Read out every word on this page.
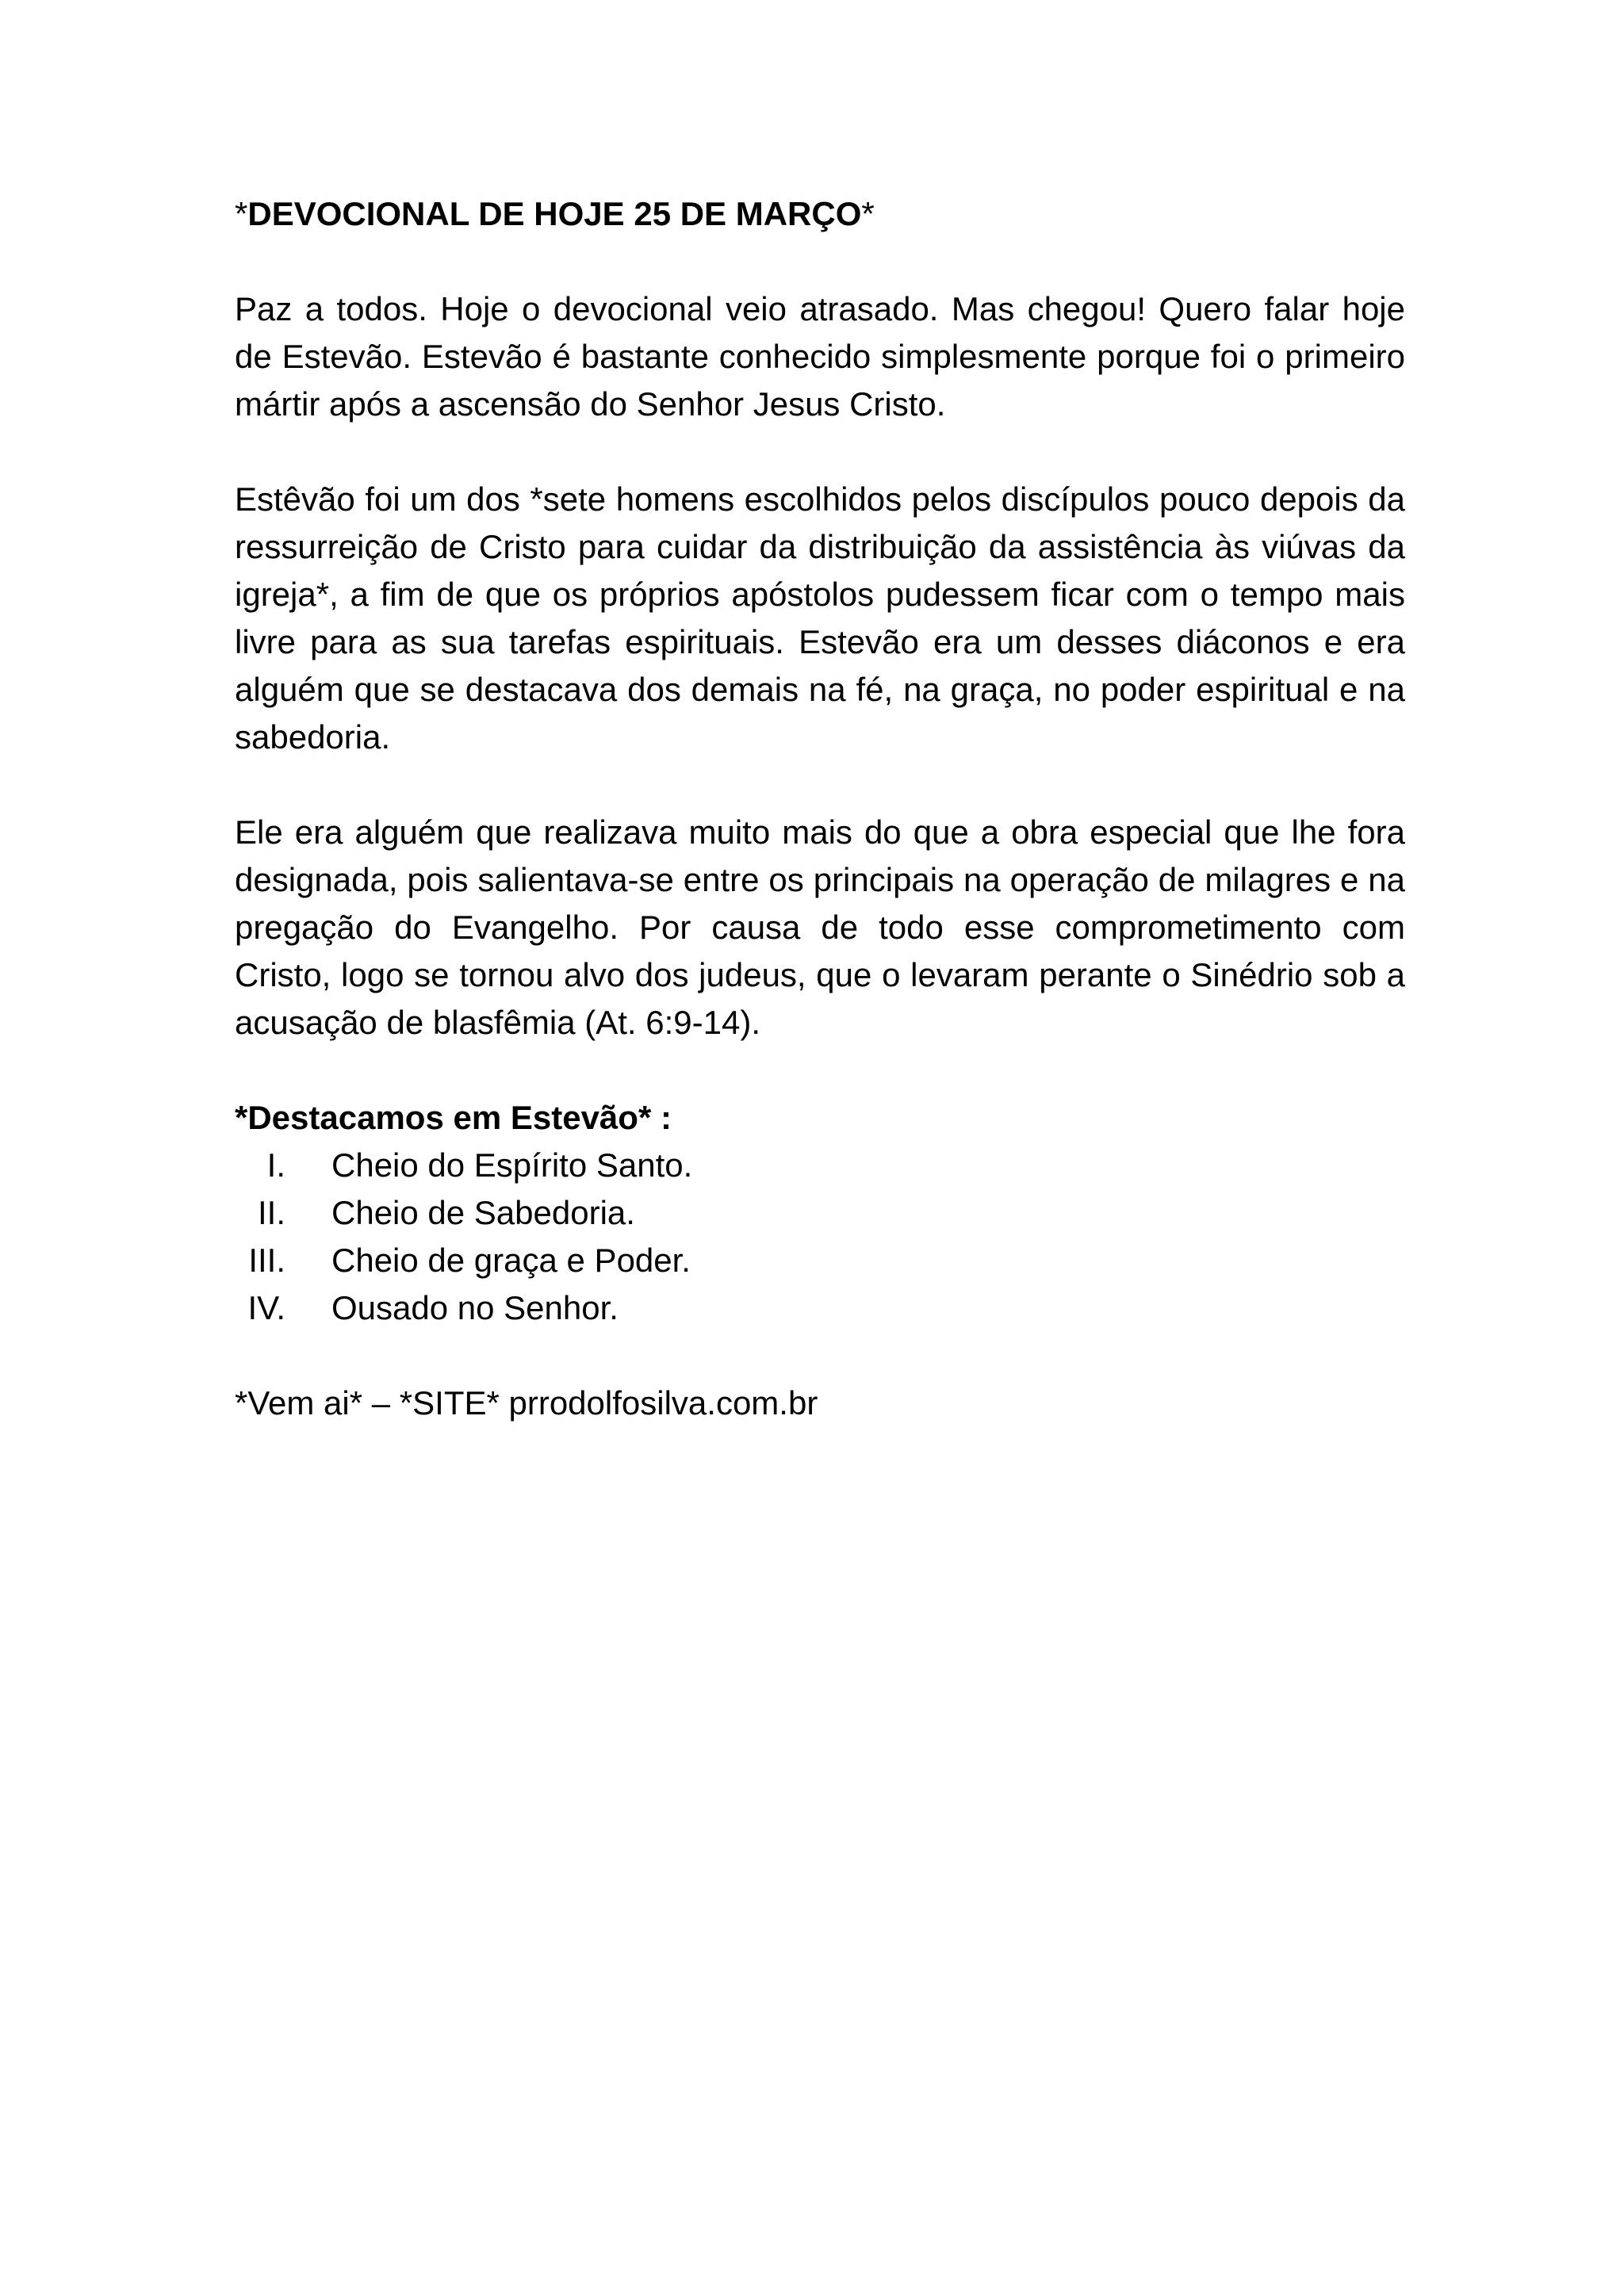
*DEVOCIONAL DE HOJE 25 DE MARÇO*

Paz a todos. Hoje o devocional veio atrasado. Mas chegou! Quero falar hoje de Estevão. Estevão é bastante conhecido simplesmente porque foi o primeiro mártir após a ascensão do Senhor Jesus Cristo.

Estêvão foi um dos *sete homens escolhidos pelos discípulos pouco depois da ressurreição de Cristo para cuidar da distribuição da assistência às viúvas da igreja*, a fim de que os próprios apóstolos pudessem ficar com o tempo mais livre para as sua tarefas espirituais. Estevão era um desses diáconos e era alguém que se destacava dos demais na fé, na graça, no poder espiritual e na sabedoria.

Ele era alguém que realizava muito mais do que a obra especial que lhe fora designada, pois salientava-se entre os principais na operação de milagres e na pregação do Evangelho. Por causa de todo esse comprometimento com Cristo, logo se tornou alvo dos judeus, que o levaram perante o Sinédrio sob a acusação de blasfêmia (At. 6:9-14).

*Destacamos em Estevão* :

I.	Cheio do Espírito Santo.
II.	Cheio de Sabedoria.
III.	Cheio de graça e Poder.
IV.	Ousado no Senhor.

*Vem ai* – *SITE* prrodolfosilva.com.br
